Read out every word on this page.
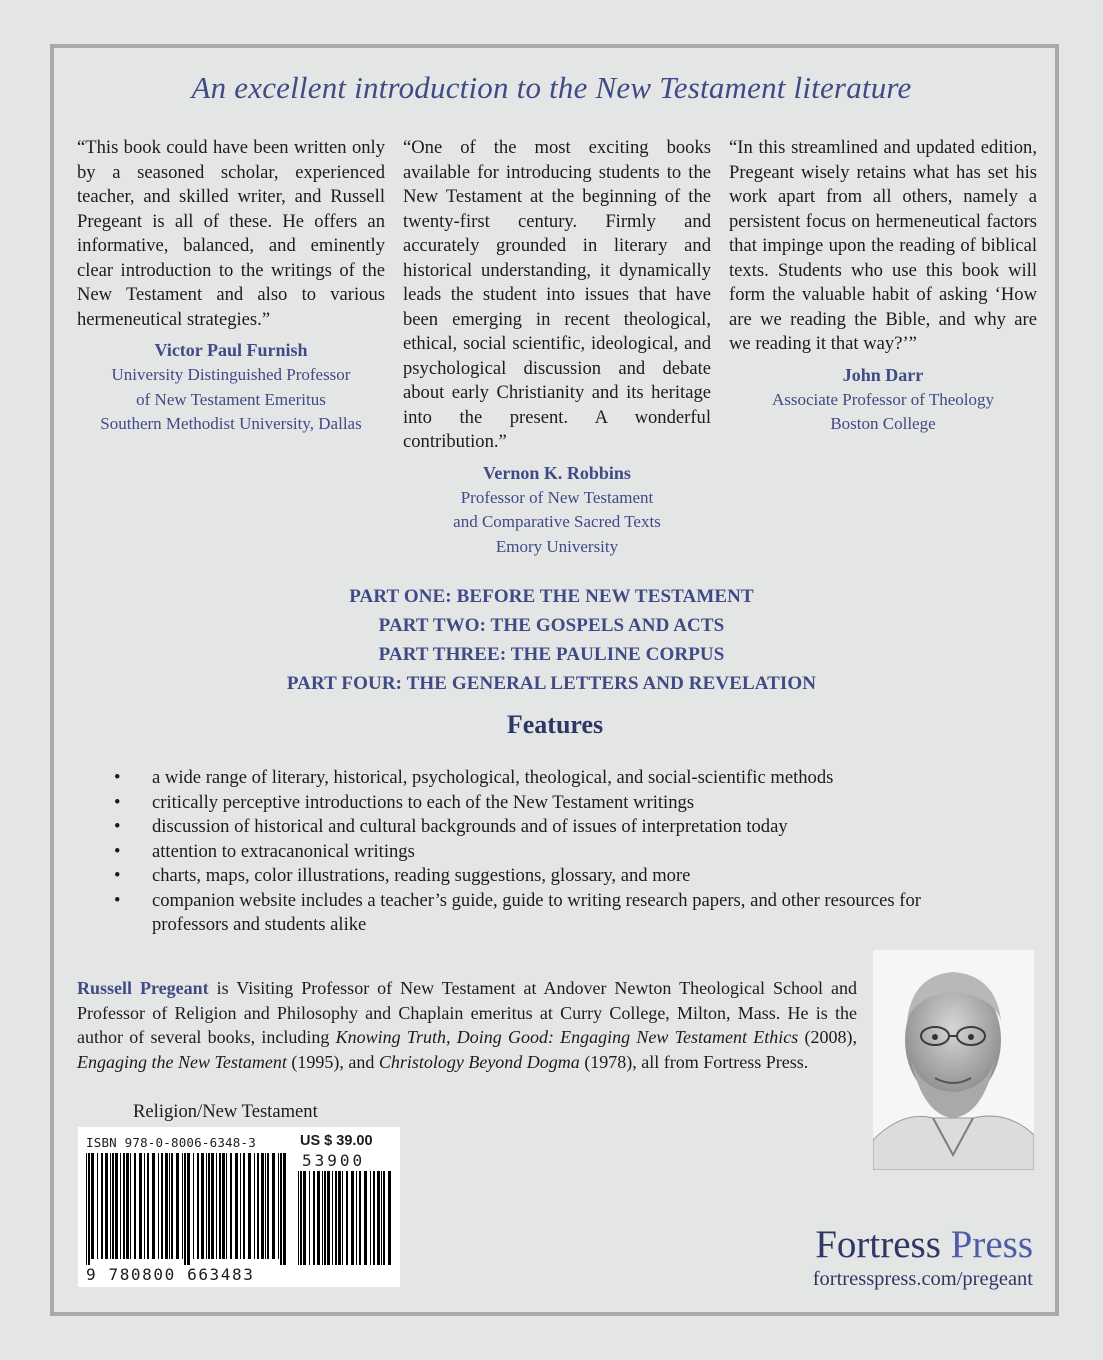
An excellent introduction to the New Testament literature

“This book could have been written only by a seasoned scholar, experienced teacher, and skilled writer, and Russell Pregeant is all of these. He offers an informative, balanced, and eminently clear introduction to the writings of the New Testament and also to various hermeneutical strategies.”

Victor Paul Furnish
University Distinguished Professor
of New Testament Emeritus
Southern Methodist University, Dallas

“One of the most exciting books available for introducing students to the New Testament at the beginning of the twenty-first century. Firmly and accurately grounded in literary and historical understanding, it dynamically leads the student into issues that have been emerging in recent theological, ethical, social scientific, ideological, and psychological discussion and debate about early Christianity and its heritage into the present. A wonderful contribution.”

Vernon K. Robbins
Professor of New Testament
and Comparative Sacred Texts
Emory University

“In this streamlined and updated edition, Pregeant wisely retains what has set his work apart from all others, namely a persistent focus on hermeneutical factors that impinge upon the reading of biblical texts. Students who use this book will form the valuable habit of asking ‘How are we reading the Bible, and why are we reading it that way?’”

John Darr
Associate Professor of Theology
Boston College
PART ONE: BEFORE THE NEW TESTAMENT
PART TWO: THE GOSPELS AND ACTS
PART THREE: THE PAULINE CORPUS
PART FOUR: THE GENERAL LETTERS AND REVELATION
Features
• a wide range of literary, historical, psychological, theological, and social-scientific methods
• critically perceptive introductions to each of the New Testament writings
• discussion of historical and cultural backgrounds and of issues of interpretation today
• attention to extracanonical writings
• charts, maps, color illustrations, reading suggestions, glossary, and more
• companion website includes a teacher’s guide, guide to writing research papers, and other resources for professors and students alike
Russell Pregeant is Visiting Professor of New Testament at Andover Newton Theological School and Professor of Religion and Philosophy and Chaplain emeritus at Curry College, Milton, Mass. He is the author of several books, including Knowing Truth, Doing Good: Engaging New Testament Ethics (2008), Engaging the New Testament (1995), and Christology Beyond Dogma (1978), all from Fortress Press.
Religion/New Testament
ISBN 978-0-8006-6348-3	US $ 39.00
53900
9 780800 663483
Fortress Press
fortresspress.com/pregeant
